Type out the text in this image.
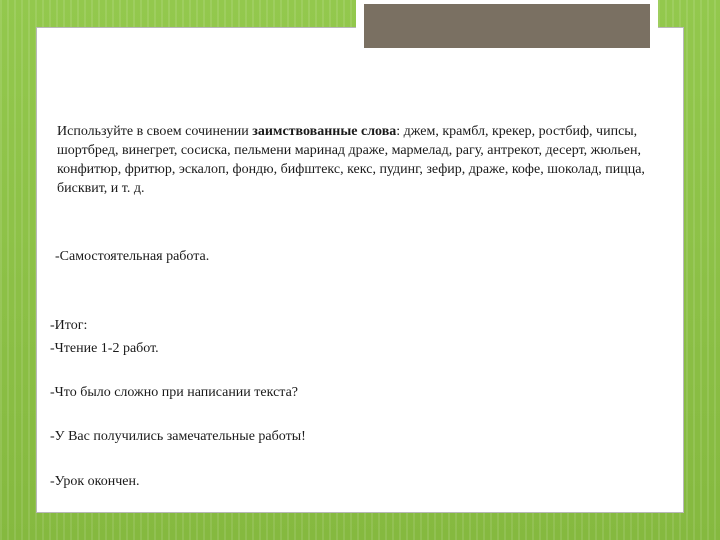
Используйте в своем сочинении заимствованные слова: джем, крамбл, крекер, ростбиф, чипсы, шортбред, винегрет, сосиска, пельмени маринад драже, мармелад, рагу, антрекот, десерт, жюльен, конфитюр, фритюр, эскалоп, фондю, бифштекс, кекс, пудинг, зефир, драже, кофе, шоколад, пицца, бисквит, и т. д.
-Самостоятельная работа.
-Итог:
-Чтение 1-2 работ.
-Что было сложно при написании текста?
-У Вас получились замечательные работы!
-Урок окончен.
